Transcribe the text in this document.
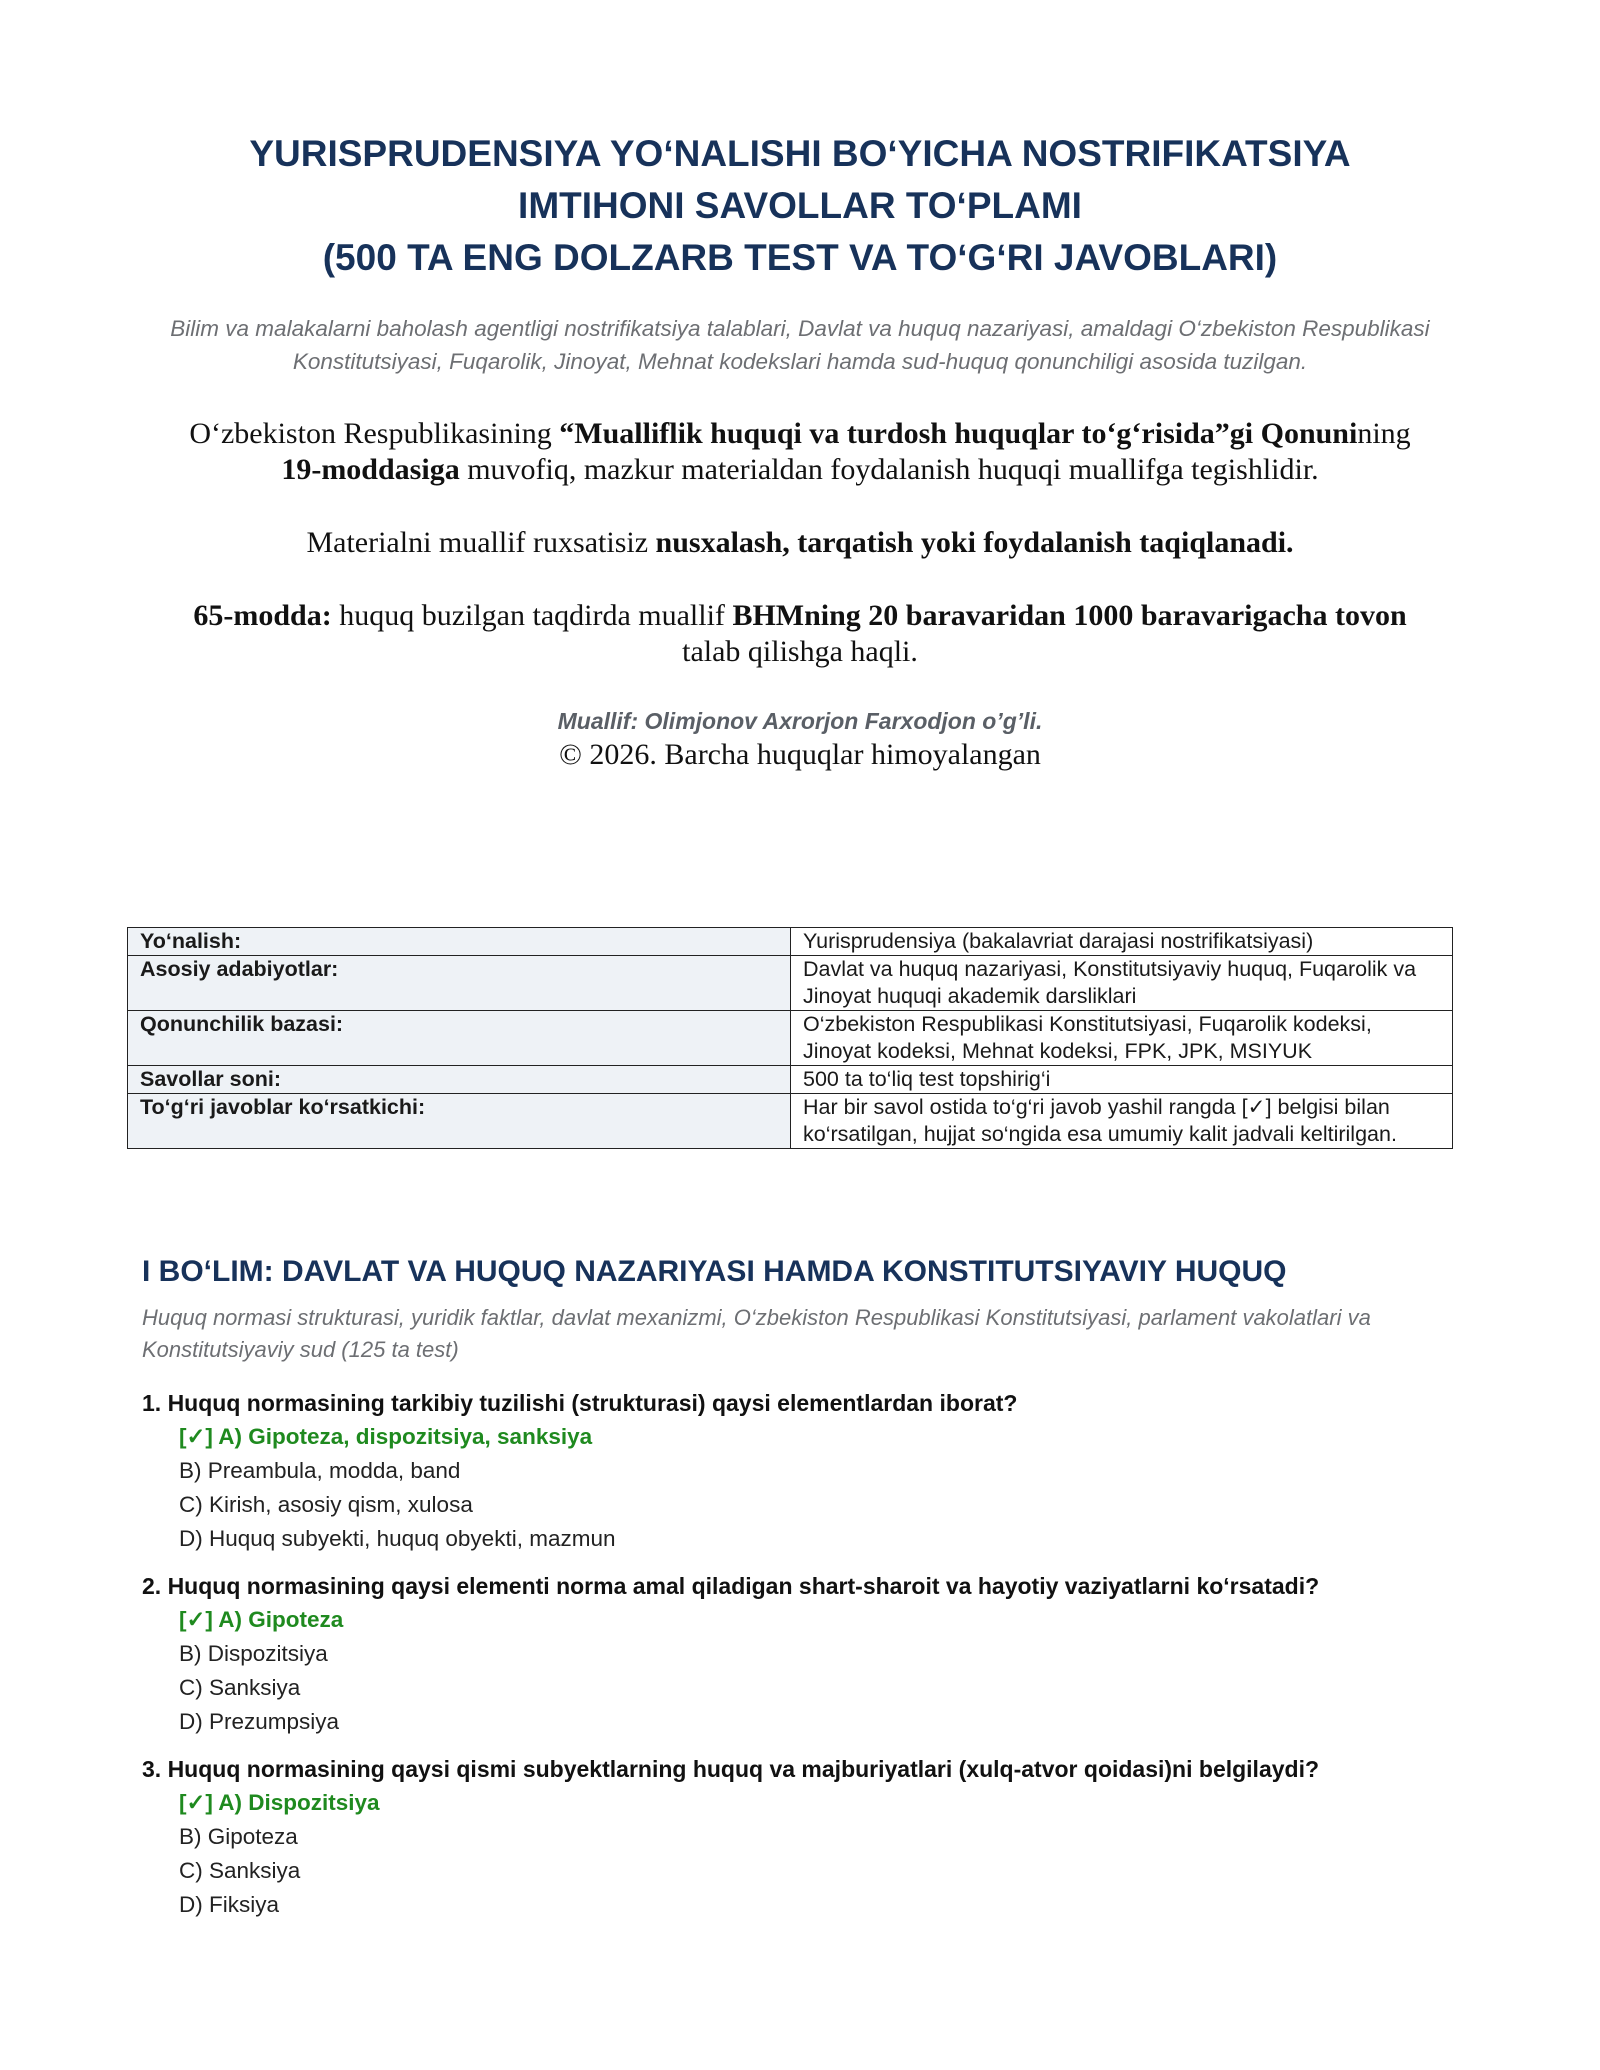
YURISPRUDENSIYA YO‘NALISHI BO‘YICHA NOSTRIFIKATSIYA
IMTIHONI SAVOLLAR TO‘PLAMI
(500 TA ENG DOLZARB TEST VA TO‘G‘RI JAVOBLARI)
Bilim va malakalarni baholash agentligi nostrifikatsiya talablari, Davlat va huquq nazariyasi, amaldagi O‘zbekiston Respublikasi Konstitutsiyasi, Fuqarolik, Jinoyat, Mehnat kodekslari hamda sud-huquq qonunchiligi asosida tuzilgan.
O‘zbekiston Respublikasining “Mualliflik huquqi va turdosh huquqlar to‘g‘risida”gi Qonunining
19-moddasiga muvofiq, mazkur materialdan foydalanish huquqi muallifga tegishlidir.
Materialni muallif ruxsatisiz nusxalash, tarqatish yoki foydalanish taqiqlanadi.
65-modda: huquq buzilgan taqdirda muallif BHMning 20 baravaridan 1000 baravarigacha tovon
talab qilishga haqli.
Muallif: Olimjonov Axrorjon Farxodjon o’g’li.
© 2026. Barcha huquqlar himoyalangan
Yo‘nalish:	Yurisprudensiya (bakalavriat darajasi nostrifikatsiyasi)
Asosiy adabiyotlar:	Davlat va huquq nazariyasi, Konstitutsiyaviy huquq, Fuqarolik va Jinoyat huquqi akademik darsliklari
Qonunchilik bazasi:	O‘zbekiston Respublikasi Konstitutsiyasi, Fuqarolik kodeksi, Jinoyat kodeksi, Mehnat kodeksi, FPK, JPK, MSIYUK
Savollar soni:	500 ta to‘liq test topshirig‘i
To‘g‘ri javoblar ko‘rsatkichi:	Har bir savol ostida to‘g‘ri javob yashil rangda [✓] belgisi bilan ko‘rsatilgan, hujjat so‘ngida esa umumiy kalit jadvali keltirilgan.
I BO‘LIM: DAVLAT VA HUQUQ NAZARIYASI HAMDA KONSTITUTSIYAVIY HUQUQ
Huquq normasi strukturasi, yuridik faktlar, davlat mexanizmi, O‘zbekiston Respublikasi Konstitutsiyasi, parlament vakolatlari va Konstitutsiyaviy sud (125 ta test)
1. Huquq normasining tarkibiy tuzilishi (strukturasi) qaysi elementlardan iborat?
[✓] A) Gipoteza, dispozitsiya, sanksiya
B) Preambula, modda, band
C) Kirish, asosiy qism, xulosa
D) Huquq subyekti, huquq obyekti, mazmun
2. Huquq normasining qaysi elementi norma amal qiladigan shart-sharoit va hayotiy vaziyatlarni ko‘rsatadi?
[✓] A) Gipoteza
B) Dispozitsiya
C) Sanksiya
D) Prezumpsiya
3. Huquq normasining qaysi qismi subyektlarning huquq va majburiyatlari (xulq-atvor qoidasi)ni belgilaydi?
[✓] A) Dispozitsiya
B) Gipoteza
C) Sanksiya
D) Fiksiya
